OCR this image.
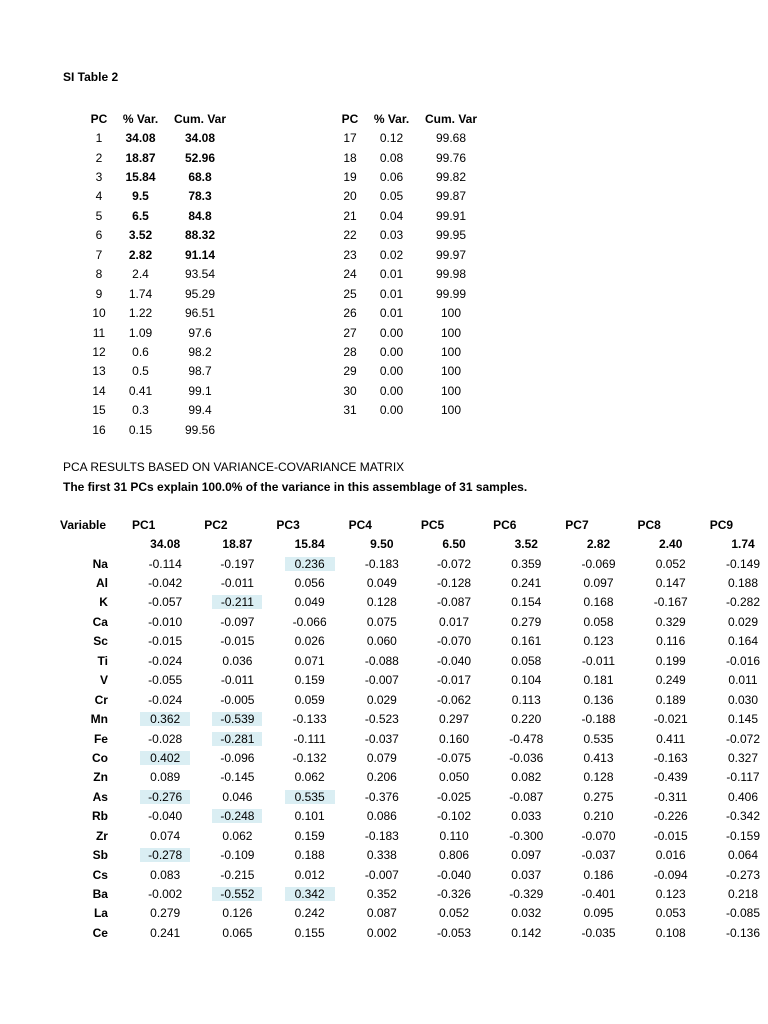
SI Table 2
PC	% Var.	Cum. Var
1	34.08	34.08
2	18.87	52.96
3	15.84	68.8
4	9.5	78.3
5	6.5	84.8
6	3.52	88.32
7	2.82	91.14
8	2.4	93.54
9	1.74	95.29
10	1.22	96.51
11	1.09	97.6
12	0.6	98.2
13	0.5	98.7
14	0.41	99.1
15	0.3	99.4
16	0.15	99.56
PC	% Var.	Cum. Var
17	0.12	99.68
18	0.08	99.76
19	0.06	99.82
20	0.05	99.87
21	0.04	99.91
22	0.03	99.95
23	0.02	99.97
24	0.01	99.98
25	0.01	99.99
26	0.01	100
27	0.00	100
28	0.00	100
29	0.00	100
30	0.00	100
31	0.00	100
PCA RESULTS BASED ON VARIANCE-COVARIANCE MATRIX
The first 31 PCs explain 100.0% of the variance in this assemblage of 31 samples.
Variable	PC1	PC2	PC3	PC4	PC5	PC6	PC7	PC8	PC9
	34.08	18.87	15.84	9.50	6.50	3.52	2.82	2.40	1.74
Na	-0.114	-0.197	0.236	-0.183	-0.072	0.359	-0.069	0.052	-0.149
Al	-0.042	-0.011	0.056	0.049	-0.128	0.241	0.097	0.147	0.188
K	-0.057	-0.211	0.049	0.128	-0.087	0.154	0.168	-0.167	-0.282
Ca	-0.010	-0.097	-0.066	0.075	0.017	0.279	0.058	0.329	0.029
Sc	-0.015	-0.015	0.026	0.060	-0.070	0.161	0.123	0.116	0.164
Ti	-0.024	0.036	0.071	-0.088	-0.040	0.058	-0.011	0.199	-0.016
V	-0.055	-0.011	0.159	-0.007	-0.017	0.104	0.181	0.249	0.011
Cr	-0.024	-0.005	0.059	0.029	-0.062	0.113	0.136	0.189	0.030
Mn	0.362	-0.539	-0.133	-0.523	0.297	0.220	-0.188	-0.021	0.145
Fe	-0.028	-0.281	-0.111	-0.037	0.160	-0.478	0.535	0.411	-0.072
Co	0.402	-0.096	-0.132	0.079	-0.075	-0.036	0.413	-0.163	0.327
Zn	0.089	-0.145	0.062	0.206	0.050	0.082	0.128	-0.439	-0.117
As	-0.276	0.046	0.535	-0.376	-0.025	-0.087	0.275	-0.311	0.406
Rb	-0.040	-0.248	0.101	0.086	-0.102	0.033	0.210	-0.226	-0.342
Zr	0.074	0.062	0.159	-0.183	0.110	-0.300	-0.070	-0.015	-0.159
Sb	-0.278	-0.109	0.188	0.338	0.806	0.097	-0.037	0.016	0.064
Cs	0.083	-0.215	0.012	-0.007	-0.040	0.037	0.186	-0.094	-0.273
Ba	-0.002	-0.552	0.342	0.352	-0.326	-0.329	-0.401	0.123	0.218
La	0.279	0.126	0.242	0.087	0.052	0.032	0.095	0.053	-0.085
Ce	0.241	0.065	0.155	0.002	-0.053	0.142	-0.035	0.108	-0.136
